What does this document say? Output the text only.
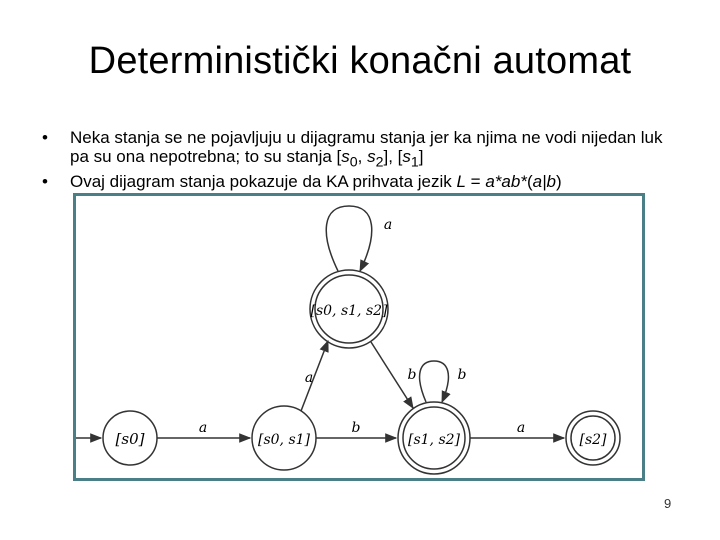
Deterministički konačni automat
• Neka stanja se ne pojavljuju u dijagramu stanja jer ka njima ne vodi nijedan luk pa su ona nepotrebna; to su stanja [$s_0$, $s_2$], $[s_1]$
• Ovaj dijagram stanja pokazuje da KA prihvata jezik L = a*ab*(a|b)
[s0]	[s0, s1]	[s1, s2]	[s2]
[s0, s1, s2]
a	b	a
a	b
a
b
9
